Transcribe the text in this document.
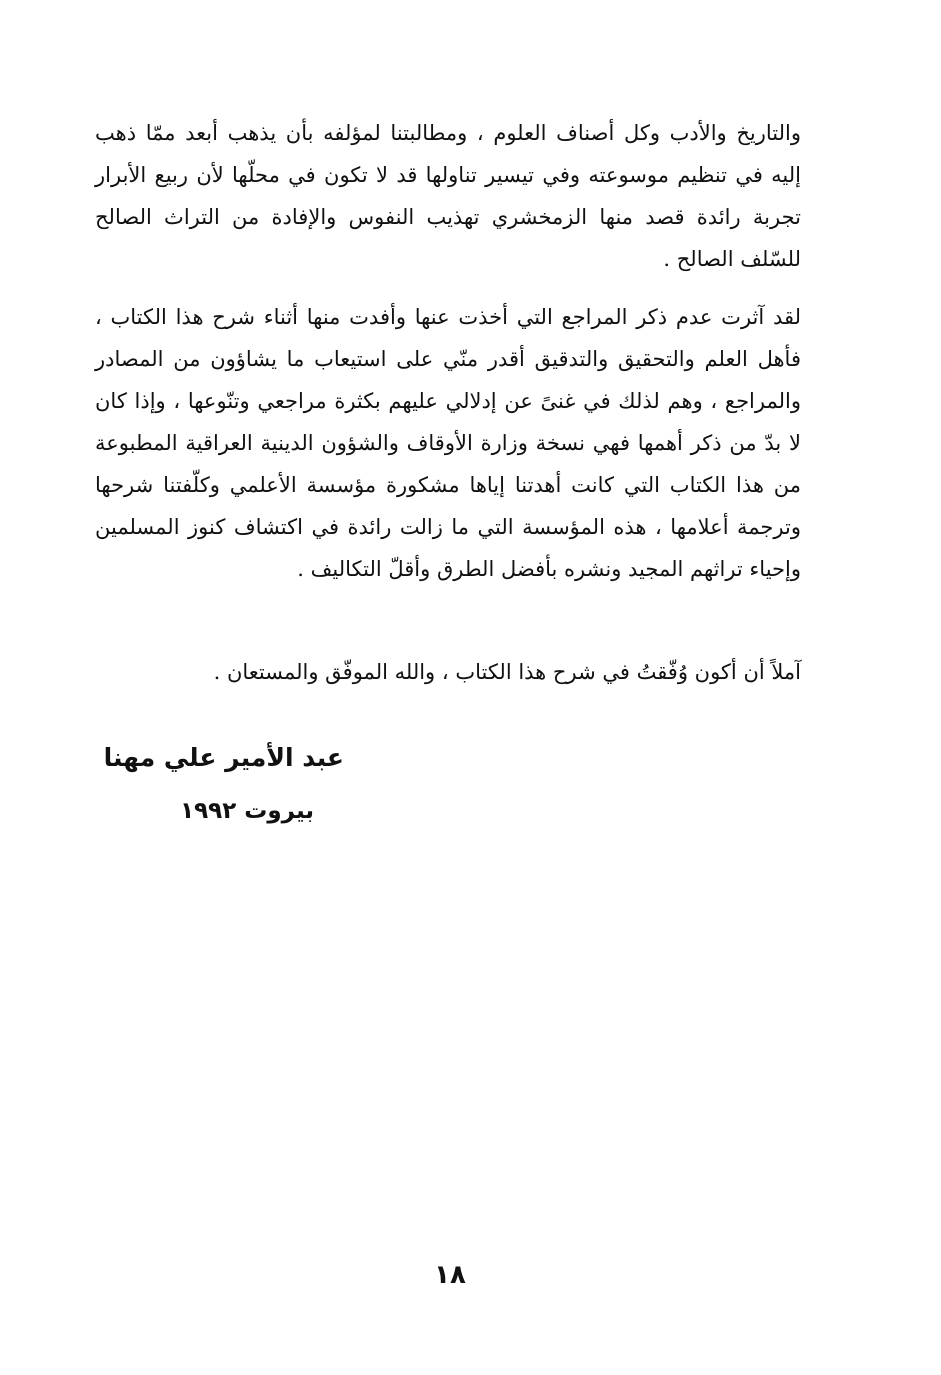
والتاريخ والأدب وكل أصناف العلوم ، ومطالبتنا لمؤلفه بأن يذهب أبعد ممّا ذهب إليه في تنظيم موسوعته وفي تيسير تناولها قد لا تكون في محلّها لأن ربيع الأبرار تجربة رائدة قصد منها الزمخشري تهذيب النفوس والإفادة من التراث الصالح للسّلف الصالح .

لقد آثرت عدم ذكر المراجع التي أخذت عنها وأفدت منها أثناء شرح هذا الكتاب ، فأهل العلم والتحقيق والتدقيق أقدر منّي على استيعاب ما يشاؤون من المصادر والمراجع ، وهم لذلك في غنىً عن إدلالي عليهم بكثرة مراجعي وتنّوعها ، وإذا كان لا بدّ من ذكر أهمها فهي نسخة وزارة الأوقاف والشؤون الدينية العراقية المطبوعة من هذا الكتاب التي كانت أهدتنا إياها مشكورة مؤسسة الأعلمي وكلّفتنا شرحها وترجمة أعلامها ، هذه المؤسسة التي ما زالت رائدة في اكتشاف كنوز المسلمين وإحياء تراثهم المجيد ونشره بأفضل الطرق وأقلّ التكاليف .

آملاً أن أكون وُفّقتُ في شرح هذا الكتاب ، والله الموفّق والمستعان .

عبد الأمير علي مهنا
بيروت ١٩٩٢
١٨
